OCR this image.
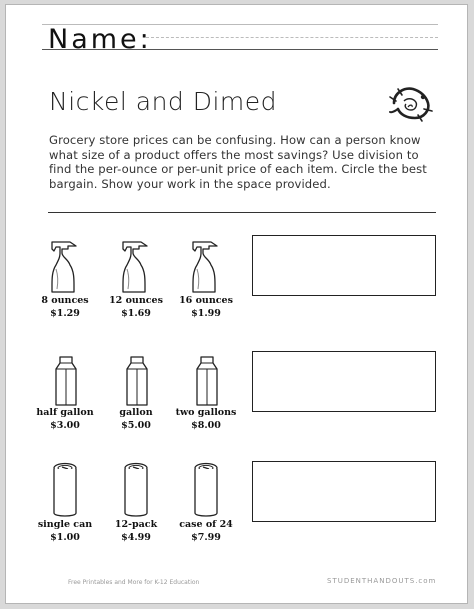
Name:
Nickel and Dimed
Grocery store prices can be confusing. How can a person know what size of a product offers the most savings? Use division to find the per-ounce or per-unit price of each item. Circle the best bargain. Show your work in the space provided.
8 ounces
$1.29
12 ounces
$1.69
16 ounces
$1.99
half gallon
$3.00
gallon
$5.00
two gallons
$8.00
single can
$1.00
12-pack
$4.99
case of 24
$7.99
Free Printables and More for K-12 Education	STUDENTHANDOUTS.com
